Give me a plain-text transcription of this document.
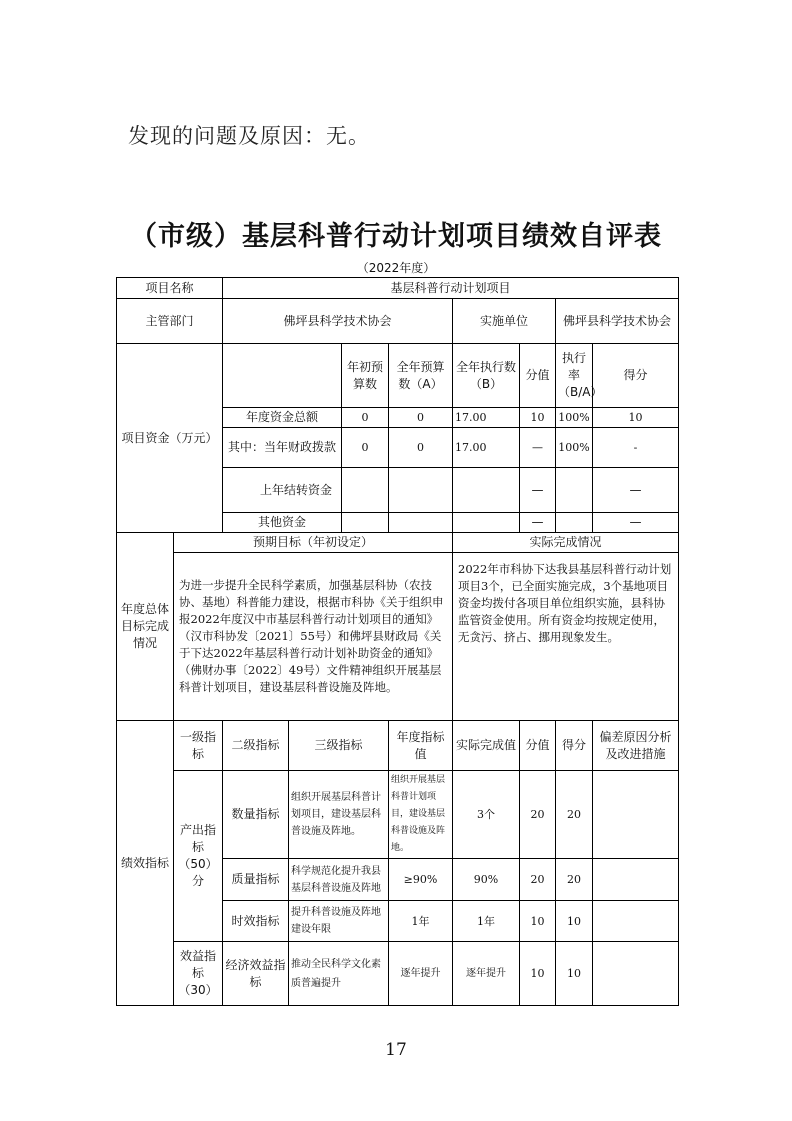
发现的问题及原因：无。
（市级）基层科普行动计划项目绩效自评表
（2022年度）
项目名称		基层科普行动计划项目							
主管部门		佛坪县科学技术协会				实施单位		佛坪县科学技术协会	
项目资金（万元）				年初预算数	全年预算数（A）	全年执行数（B）	分值	执行率（B/A）	得分
		年度资金总额		0	0	17.00	10	100%	10
		其中：当年财政拨款		0	0	17.00	—	100%	-
		上年结转资金					—		—
		其他资金					—		—
年度总体目标完成情况	预期目标（年初设定）					实际完成情况			
	为进一步提升全民科学素质，加强基层科协（农技协、基地）科普能力建设，根据市科协《关于组织申报2022年度汉中市基层科普行动计划项目的通知》（汉市科协发〔2021〕55号）和佛坪县财政局《关于下达2022年基层科普行动计划补助资金的通知》（佛财办事〔2022〕49号）文件精神组织开展基层科普计划项目，建设基层科普设施及阵地。					2022年市科协下达我县基层科普行动计划项目3个，已全面实施完成，3个基地项目资金均拨付各项目单位组织实施，县科协监管资金使用。所有资金均按规定使用，无贪污、挤占、挪用现象发生。			
绩效指标	一级指标	二级指标	三级指标		年度指标值	实际完成值	分值	得分	偏差原因分析及改进措施
	产出指标（50）分	数量指标	组织开展基层科普计划项目，建设基层科普设施及阵地。		组织开展基层科普计划项目，建设基层科普设施及阵地。	3个	20	20	
		质量指标	科学规范化提升我县基层科普设施及阵地		≥90%	90%	20	20	
		时效指标	提升科普设施及阵地建设年限		1年	1年	10	10	
	效益指标（30）	经济效益指标	推动全民科学文化素质普遍提升		逐年提升	逐年提升	10	10	
17
